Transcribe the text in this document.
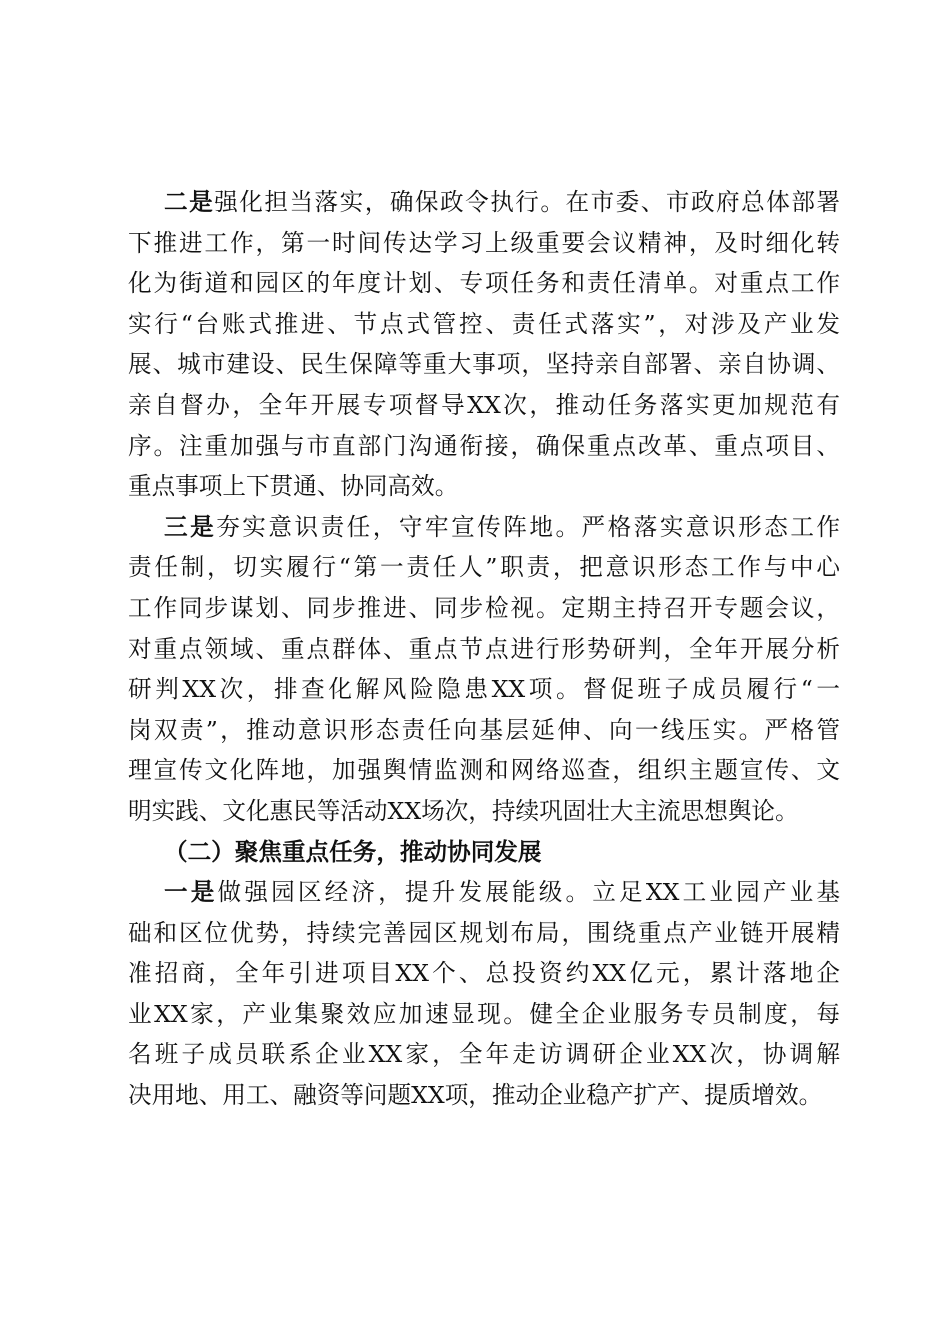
二是强化担当落实，确保政令执行。在市委、市政府总体部署
下推进工作，第一时间传达学习上级重要会议精神，及时细化转
化为街道和园区的年度计划、专项任务和责任清单。对重点工作
实行“台账式推进、节点式管控、责任式落实”，对涉及产业发
展、城市建设、民生保障等重大事项，坚持亲自部署、亲自协调、
亲自督办，全年开展专项督导XX次，推动任务落实更加规范有
序。注重加强与市直部门沟通衔接，确保重点改革、重点项目、
重点事项上下贯通、协同高效。
三是夯实意识责任，守牢宣传阵地。严格落实意识形态工作
责任制，切实履行“第一责任人”职责，把意识形态工作与中心
工作同步谋划、同步推进、同步检视。定期主持召开专题会议，
对重点领域、重点群体、重点节点进行形势研判，全年开展分析
研判XX次，排查化解风险隐患XX项。督促班子成员履行“一
岗双责”，推动意识形态责任向基层延伸、向一线压实。严格管
理宣传文化阵地，加强舆情监测和网络巡查，组织主题宣传、文
明实践、文化惠民等活动XX场次，持续巩固壮大主流思想舆论。
（二）聚焦重点任务，推动协同发展
一是做强园区经济，提升发展能级。立足XX工业园产业基
础和区位优势，持续完善园区规划布局，围绕重点产业链开展精
准招商，全年引进项目XX个、总投资约XX亿元，累计落地企
业XX家，产业集聚效应加速显现。健全企业服务专员制度，每
名班子成员联系企业XX家，全年走访调研企业XX次，协调解
决用地、用工、融资等问题XX项，推动企业稳产扩产、提质增效。
